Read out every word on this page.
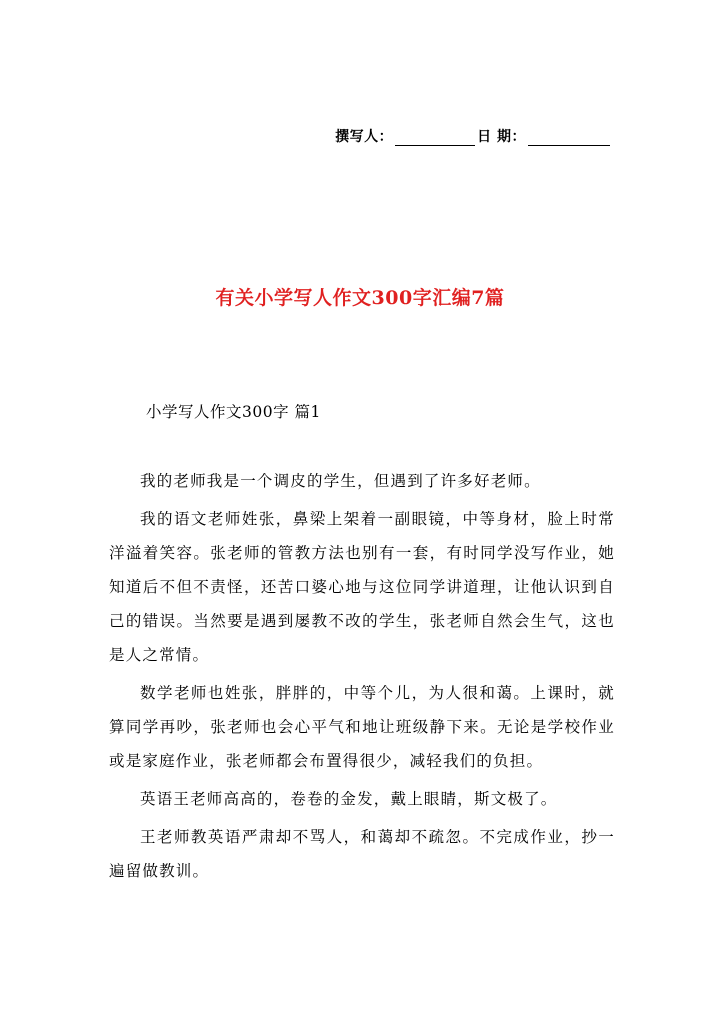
撰写人：	日 期：
有关小学写人作文300字汇编7篇
小学写人作文300字 篇1

我的老师我是一个调皮的学生，但遇到了许多好老师。

我的语文老师姓张，鼻梁上架着一副眼镜，中等身材，脸上时常洋溢着笑容。张老师的管教方法也别有一套，有时同学没写作业，她知道后不但不责怪，还苦口婆心地与这位同学讲道理，让他认识到自己的错误。当然要是遇到屡教不改的学生，张老师自然会生气，这也是人之常情。

数学老师也姓张，胖胖的，中等个儿，为人很和蔼。上课时，就算同学再吵，张老师也会心平气和地让班级静下来。无论是学校作业或是家庭作业，张老师都会布置得很少，减轻我们的负担。

英语王老师高高的，卷卷的金发，戴上眼睛，斯文极了。

王老师教英语严肃却不骂人，和蔼却不疏忽。不完成作业，抄一遍留做教训。
